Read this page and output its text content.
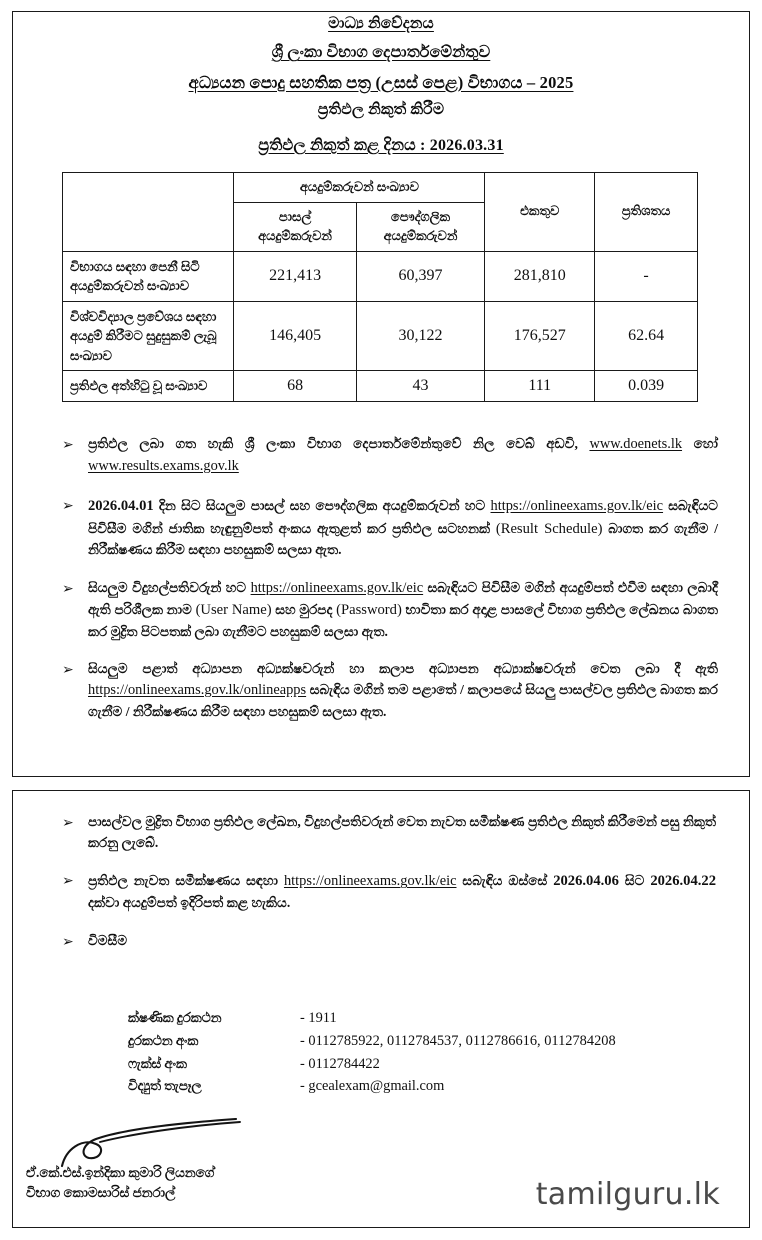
මාධ්‍ය නිවේදනය
ශ්‍රී ලංකා විභාග දෙපාර්තමේන්තුව
අධ්‍යයන පොදු සහතික පත්‍ර (උසස් පෙළ) විභාගය – 2025
ප්‍රතිඵල නිකුත් කිරීම
ප්‍රතිඵල නිකුත් කළ දිනය : 2026.03.31
	අයදුම්කරුවන් සංඛ්‍යාව		එකතුව	ප්‍රතිශතය
	පාසල් අයදුම්කරුවන්	පෞද්ගලික අයදුම්කරුවන්		
විභාගය සඳහා පෙනී සිටි අයදුම්කරුවන් සංඛ්‍යාව	221,413	60,397	281,810	-
විශ්වවිද්‍යාල ප්‍රවේශය සඳහා අයදුම් කිරීමට සුදුසුකම් ලැබූ සංඛ්‍යාව	146,405	30,122	176,527	62.64
ප්‍රතිඵල අත්හිටු වූ සංඛ්‍යාව	68	43	111	0.039
➢	ප්‍රතිඵල ලබා ගත හැකි ශ්‍රී ලංකා විභාග දෙපාර්තමේන්තුවේ නිල වෙබ් අඩවි, www.doenets.lk හෝ www.results.exams.gov.lk
➢ 2026.04.01 දින සිට සියලුම පාසල් සහ පෞද්ගලික අයදුම්කරුවන් හට https://onlineexams.gov.lk/eic සබැඳියට පිවිසීම මගින් ජාතික හැඳුනුම්පත් අංකය ඇතුළත් කර ප්‍රතිඵල සටහනක් (Result Schedule) බාගත කර ගැනීම / නිරීක්ෂණය කිරීම සඳහා පහසුකම් සලසා ඇත.
➢	සියලුම විදුහල්පතිවරුන් හට https://onlineexams.gov.lk/eic සබැඳියට පිවිසීම මගින් අයදුම්පත් එවීම සඳහා ලබාදී ඇති පරිශීලක නාම (User Name) සහ මුරපද (Password) භාවිතා කර අදාළ පාසලේ විභාග ප්‍රතිඵල ලේඛනය බාගත කර මුද්‍රිත පිටපතක් ලබා ගැනීමට පහසුකම් සලසා ඇත.
➢	සියලුම පළාත් අධ්‍යාපන අධ්‍යක්ෂවරුන් හා කලාප අධ්‍යාපන අධ්‍යාක්ෂවරුන් වෙත ලබා දී ඇති https://onlineexams.gov.lk/onlineapps සබැඳිය මගින් තම පළාතේ / කලාපයේ සියලු පාසල්වල ප්‍රතිඵල බාගත කර ගැනීම / නිරීක්ෂණය කිරීම සඳහා පහසුකම් සලසා ඇත.
➢	පාසල්වල මුද්‍රිත විභාග ප්‍රතිඵල ලේඛන, විදුහල්පතිවරුන් වෙත නැවත සමීක්ෂණ ප්‍රතිඵල නිකුත් කිරීමෙන් පසු නිකුත් කරනු ලැබේ.
➢	ප්‍රතිඵල නැවත සමීක්ෂණය සඳහා https://onlineexams.gov.lk/eic සබැඳිය ඔස්සේ 2026.04.06 සිට 2026.04.22 දක්වා අයදුම්පත් ඉදිරිපත් කළ හැකිය.
➢	විමසීම
ක්ෂණික දුරකථන	- 1911
දුරකථන අංක	- 0112785922, 0112784537, 0112786616, 0112784208
ෆැක්ස් අංක	- 0112784422
විද්‍යුත් තැපෑල	- gcealexam@gmail.com
ඒ.කේ.එස්.ඉන්දිකා කුමාරි ලියනගේ
විභාග කොමසාරිස් ජනරාල්	tamilguru.lk
